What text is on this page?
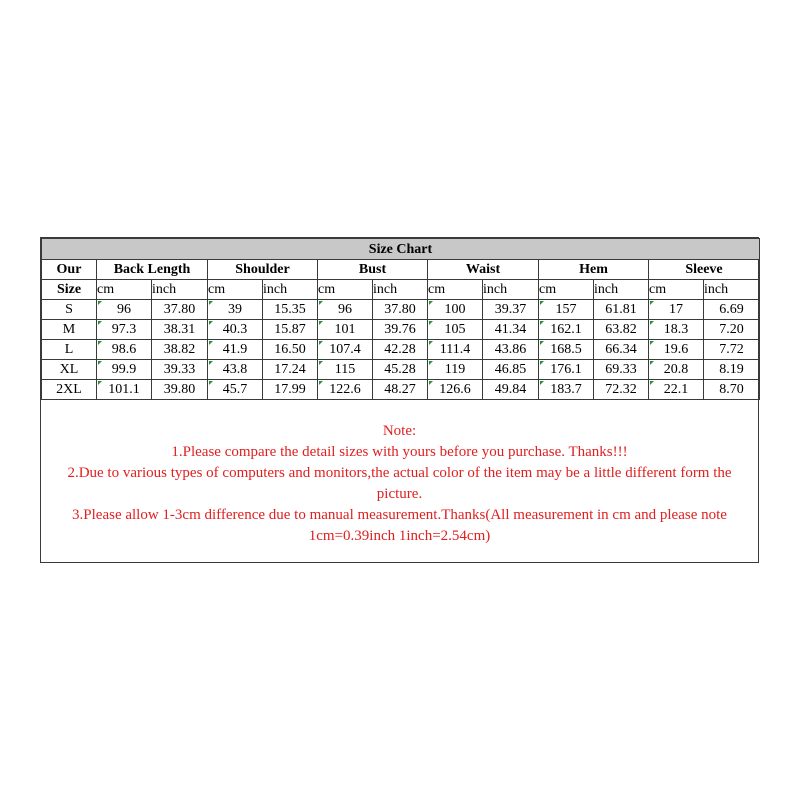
Size Chart												
Our	Back Length		Shoulder		Bust		Waist		Hem		Sleeve	
Size	cm	inch	cm	inch	cm	inch	cm	inch	cm	inch	cm	inch
S	96	37.80	39	15.35	96	37.80	100	39.37	157	61.81	17	6.69
M	97.3	38.31	40.3	15.87	101	39.76	105	41.34	162.1	63.82	18.3	7.20
L	98.6	38.82	41.9	16.50	107.4	42.28	111.4	43.86	168.5	66.34	19.6	7.72
XL	99.9	39.33	43.8	17.24	115	45.28	119	46.85	176.1	69.33	20.8	8.19
2XL	101.1	39.80	45.7	17.99	122.6	48.27	126.6	49.84	183.7	72.32	22.1	8.70

Note:

1.Please compare the detail sizes with yours before you purchase. Thanks!!!

2.Due to various types of computers and monitors,the actual color of the item may be a little different form the picture.

3.Please allow 1-3cm difference due to manual measurement.Thanks(All measurement in cm and please note 1cm=0.39inch 1inch=2.54cm)
